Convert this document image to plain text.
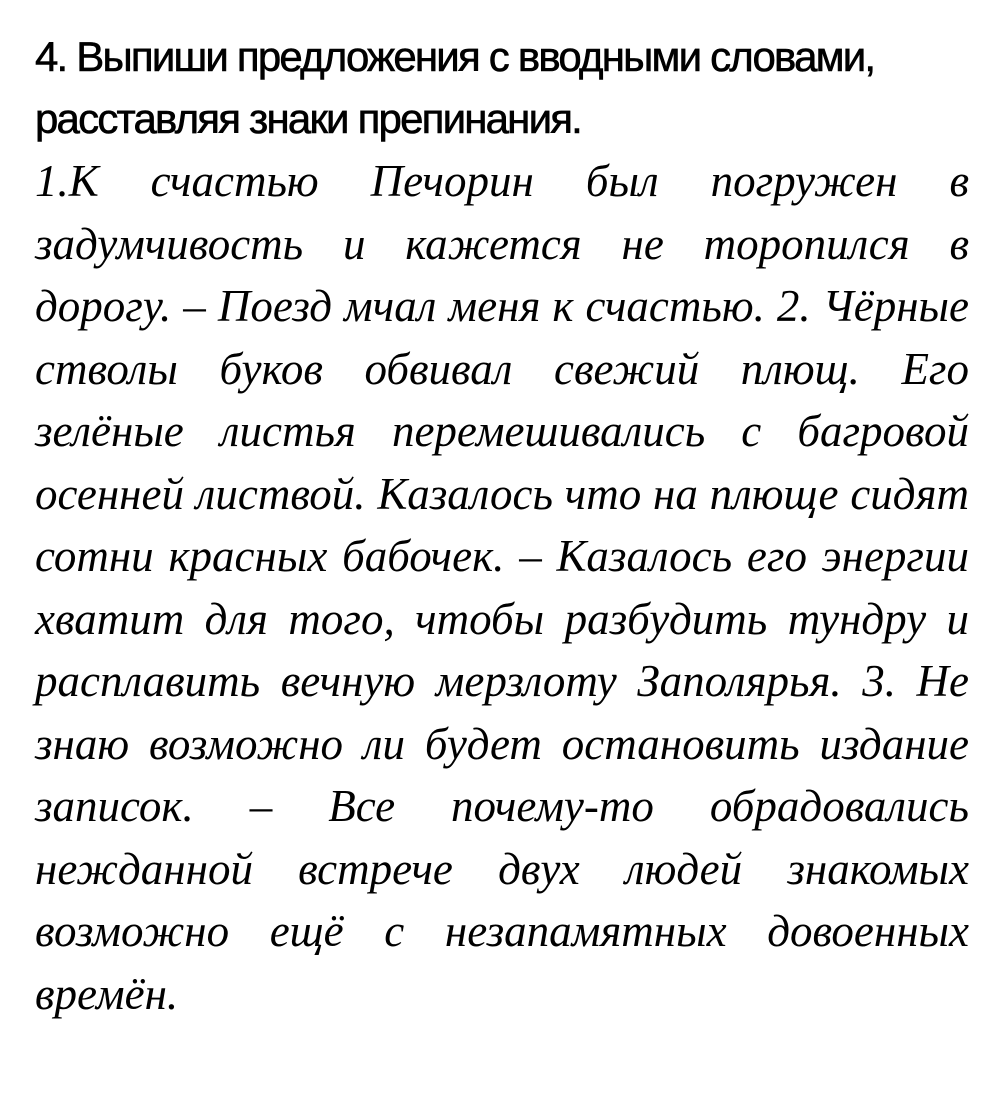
4. Выпиши предложения с вводными словами, расставляя знаки препинания.

1.К счастью Печорин был погружен в задумчивость и кажется не торопился в дорогу. – Поезд мчал меня к счастью. 2. Чёрные стволы буков обвивал свежий плющ. Его зелёные листья перемешивались с багровой осенней листвой. Казалось что на плюще сидят сотни красных бабочек. – Казалось его энергии хватит для того, чтобы разбудить тундру и расплавить вечную мерзлоту Заполярья. 3. Не знаю возможно ли будет остановить издание записок. – Все почему-то обрадовались нежданной встрече двух людей знакомых возможно ещё с незапамятных довоенных времён.
